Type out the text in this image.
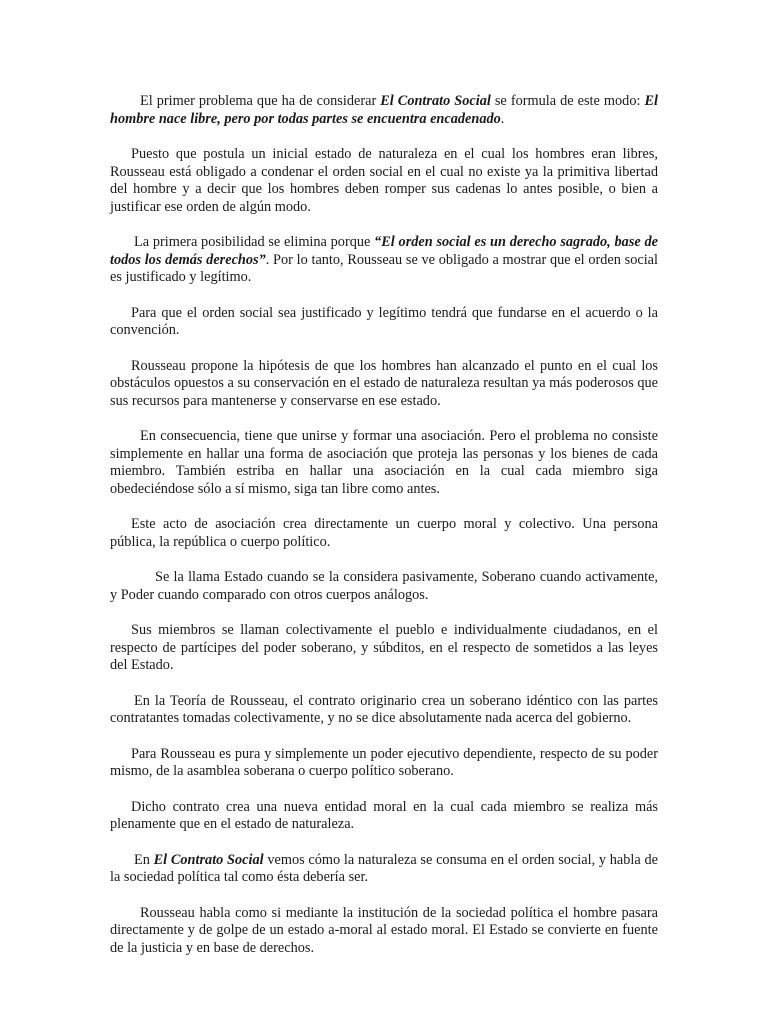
El primer problema que ha de considerar El Contrato Social se formula de este modo: El hombre nace libre, pero por todas partes se encuentra encadenado.

Puesto que postula un inicial estado de naturaleza en el cual los hombres eran libres, Rousseau está obligado a condenar el orden social en el cual no existe ya la primitiva libertad del hombre y a decir que los hombres deben romper sus cadenas lo antes posible, o bien a justificar ese orden de algún modo.

La primera posibilidad se elimina porque “El orden social es un derecho sagrado, base de todos los demás derechos”. Por lo tanto, Rousseau se ve obligado a mostrar que el orden social es justificado y legítimo.

Para que el orden social sea justificado y legítimo tendrá que fundarse en el acuerdo o la convención.

Rousseau propone la hipótesis de que los hombres han alcanzado el punto en el cual los obstáculos opuestos a su conservación en el estado de naturaleza resultan ya más poderosos que sus recursos para mantenerse y conservarse en ese estado.

En consecuencia, tiene que unirse y formar una asociación. Pero el problema no consiste simplemente en hallar una forma de asociación que proteja las personas y los bienes de cada miembro. También estriba en hallar una asociación en la cual cada miembro siga obedeciéndose sólo a sí mismo, siga tan libre como antes.

Este acto de asociación crea directamente un cuerpo moral y colectivo. Una persona pública, la república o cuerpo político.

Se la llama Estado cuando se la considera pasivamente, Soberano cuando activamente, y Poder cuando comparado con otros cuerpos análogos.

Sus miembros se llaman colectivamente el pueblo e individualmente ciudadanos, en el respecto de partícipes del poder soberano, y súbditos, en el respecto de sometidos a las leyes del Estado.

En la Teoría de Rousseau, el contrato originario crea un soberano idéntico con las partes contratantes tomadas colectivamente, y no se dice absolutamente nada acerca del gobierno.

Para Rousseau es pura y simplemente un poder ejecutivo dependiente, respecto de su poder mismo, de la asamblea soberana o cuerpo político soberano.

Dicho contrato crea una nueva entidad moral en la cual cada miembro se realiza más plenamente que en el estado de naturaleza.

En El Contrato Social vemos cómo la naturaleza se consuma en el orden social, y habla de la sociedad política tal como ésta debería ser.

Rousseau habla como si mediante la institución de la sociedad política el hombre pasara directamente y de golpe de un estado a-moral al estado moral. El Estado se convierte en fuente de la justicia y en base de derechos.
